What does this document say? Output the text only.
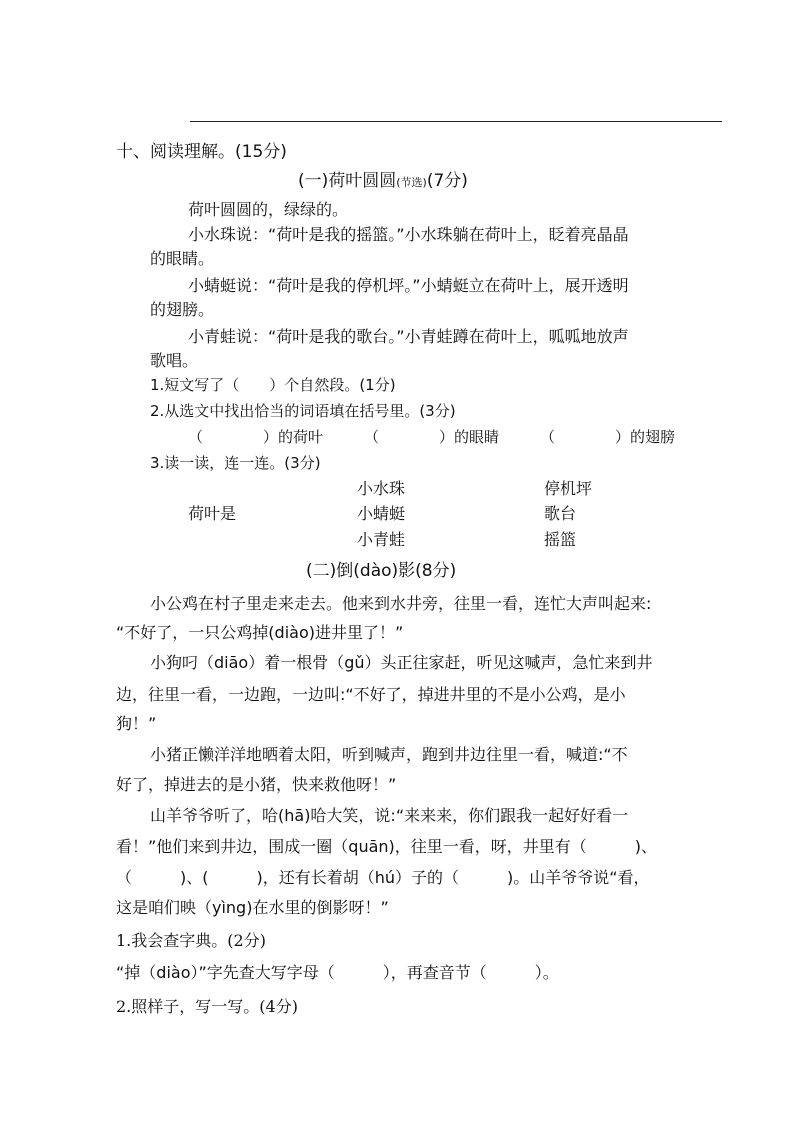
十、阅读理解。(15分)
(一)荷叶圆圆(节选)(7分)
荷叶圆圆的，绿绿的。
小水珠说：“荷叶是我的摇篮。”小水珠躺在荷叶上，眨着亮晶晶
的眼睛。
小蜻蜓说：“荷叶是我的停机坪。”小蜻蜓立在荷叶上，展开透明
的翅膀。
小青蛙说：“荷叶是我的歌台。”小青蛙蹲在荷叶上，呱呱地放声
歌唱。
1.短文写了（　　）个自然段。(1分)
2.从选文中找出恰当的词语填在括号里。(3分)
（　　　　）的荷叶	（　　　　）的眼睛	（　　　　）的翅膀
3.读一读，连一连。(3分)
荷叶是
小水珠
小蜻蜓
小青蛙
停机坪
歌台
摇篮
(二)倒(dào)影(8分)
小公鸡在村子里走来走去。他来到水井旁，往里一看，连忙大声叫起来:
“不好了，一只公鸡掉(diào)进井里了！”
小狗叼（diāo）着一根骨（gǔ）头正往家赶，听见这喊声，急忙来到井
边，往里一看，一边跑，一边叫:“不好了，掉进井里的不是小公鸡，是小
狗！”
小猪正懒洋洋地晒着太阳，听到喊声，跑到井边往里一看，喊道:“不
好了，掉进去的是小猪，快来救他呀！”
山羊爷爷听了，哈(hā)哈大笑，说:“来来来，你们跟我一起好好看一
看！”他们来到井边，围成一圈（quān)，往里一看，呀，井里有（　　　)、
（　　　)、(　　　)，还有长着胡（hú）子的（　　　)。山羊爷爷说“看，
这是咱们映（yìng)在水里的倒影呀！”
1.我会查字典。(2分)
“掉（diào）”字先查大写字母（　　　），再查音节（　　　）。
2.照样子，写一写。(4分)
